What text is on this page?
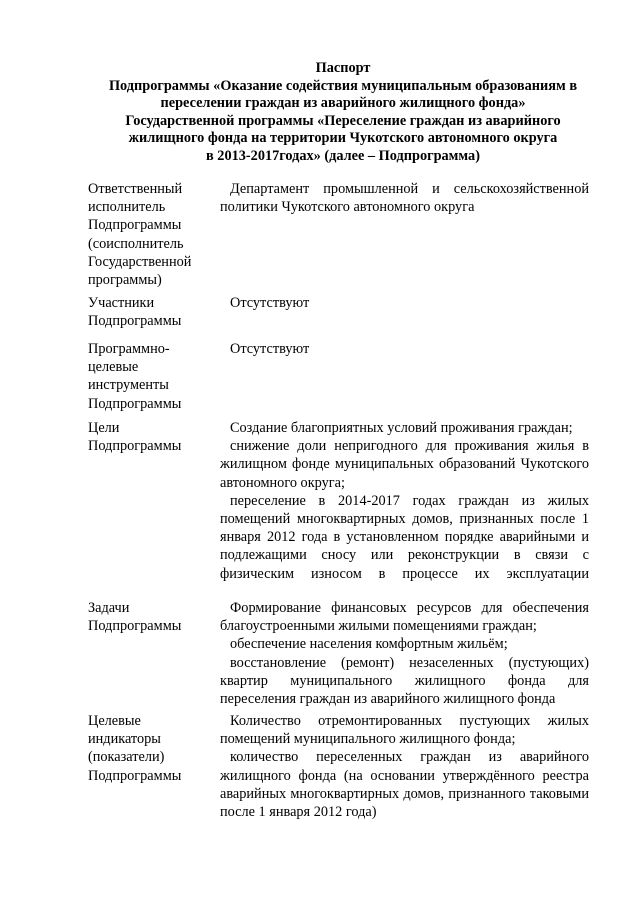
Паспорт
Подпрограммы «Оказание содействия муниципальным образованиям в
переселении граждан из аварийного жилищного фонда»
Государственной программы «Переселение граждан из аварийного
жилищного фонда на территории Чукотского автономного округа
в 2013-2017годах» (далее – Подпрограмма)
Ответственный
исполнитель
Подпрограммы
(соисполнитель
Государственной
программы)

Департамент промышленной и сельскохозяйственной политики Чукотского автономного округа

Участники
Подпрограммы

Отсутствуют

Программно-
целевые
инструменты
Подпрограммы

Отсутствуют

Цели
Подпрограммы

Создание благоприятных условий проживания граждан;

снижение доли непригодного для проживания жилья в жилищном фонде муниципальных образований Чукотского автономного округа;

переселение в 2014-2017 годах граждан из жилых помещений многоквартирных домов, признанных после 1 января 2012 года в установленном порядке аварийными и подлежащими сносу или реконструкции в связи с физическим износом в процессе их эксплуатации

Задачи
Подпрограммы

Формирование финансовых ресурсов для обеспечения благоустроенными жилыми помещениями граждан;

обеспечение населения комфортным жильём;

восстановление (ремонт) незаселенных (пустующих) квартир муниципального жилищного фонда для переселения граждан из аварийного жилищного фонда

Целевые
индикаторы
(показатели)
Подпрограммы

Количество отремонтированных пустующих жилых помещений муниципального жилищного фонда;

количество переселенных граждан из аварийного жилищного фонда (на основании утверждённого реестра аварийных многоквартирных домов, признанного таковыми после 1 января 2012 года)
